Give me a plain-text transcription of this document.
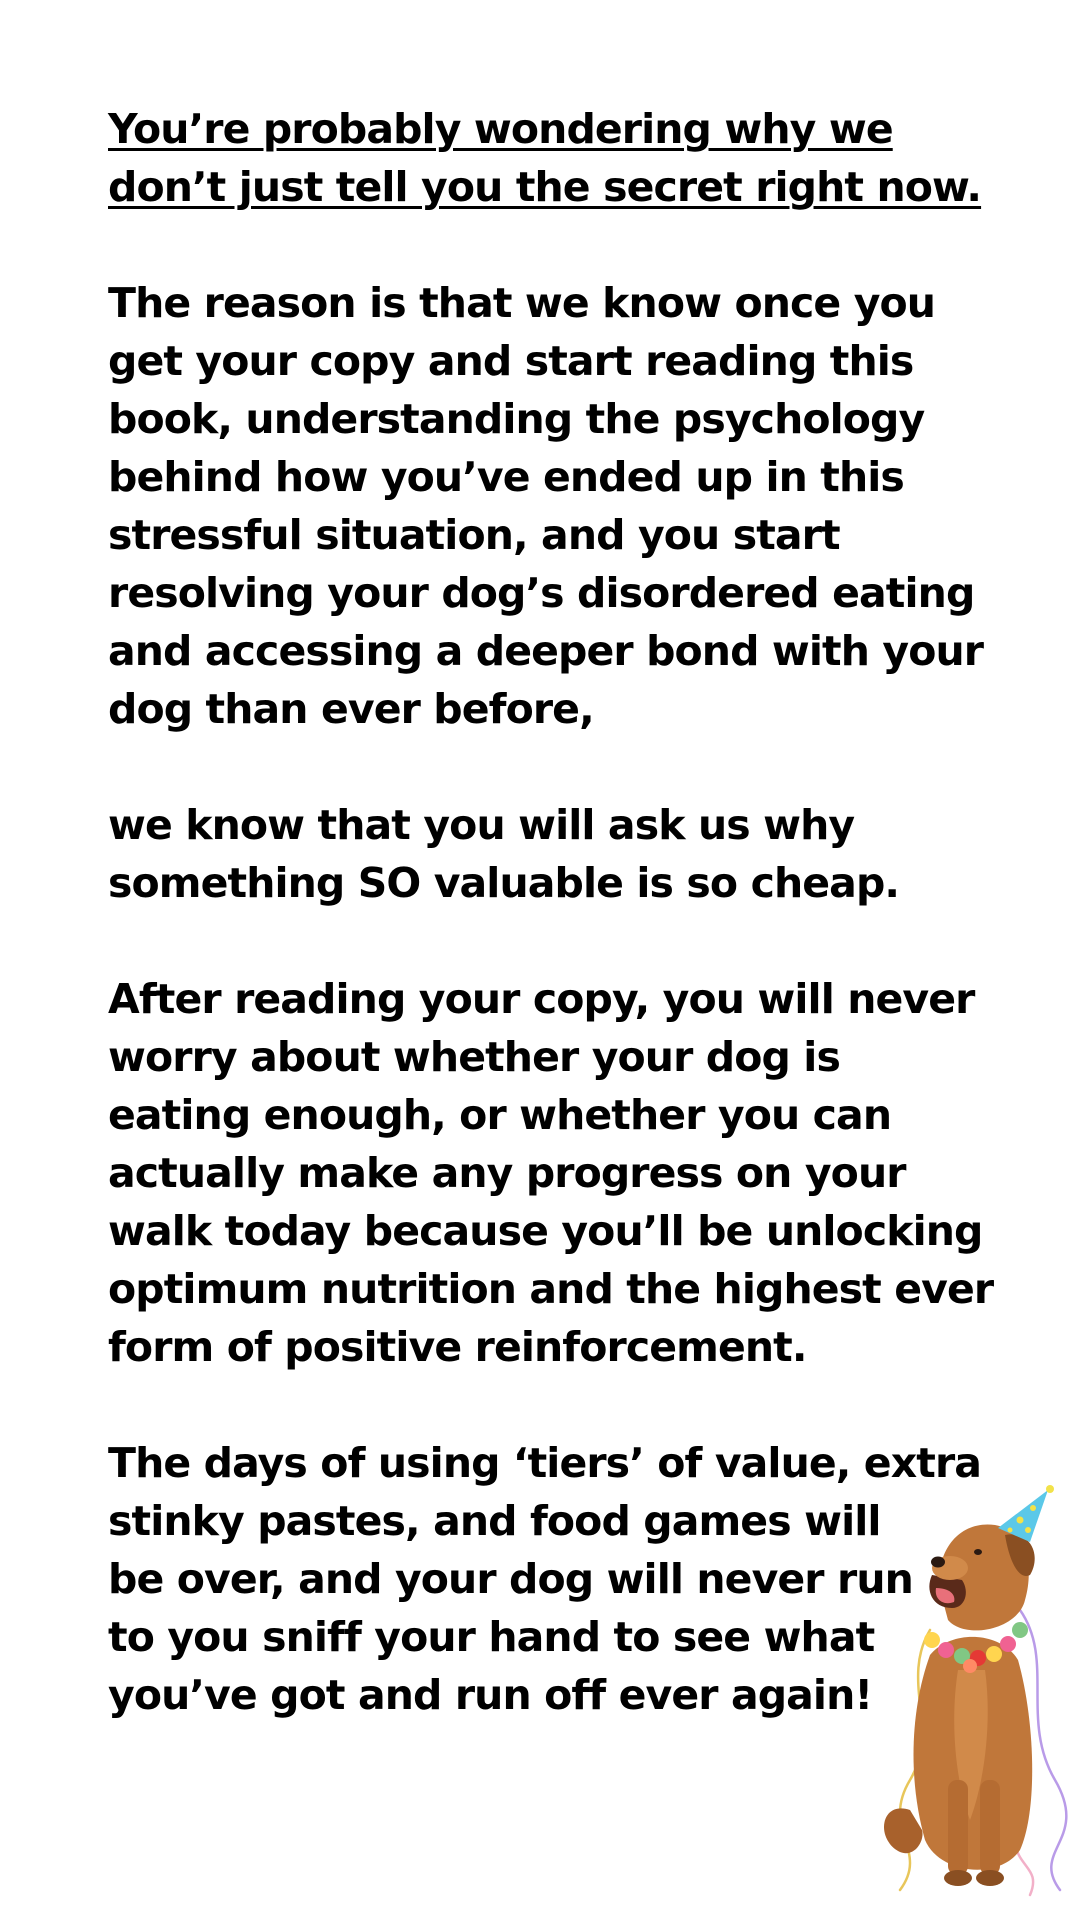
You’re probably wondering why we
don’t just tell you the secret right now.
The reason is that we know once you
get your copy and start reading this
book, understanding the psychology
behind how you’ve ended up in this
stressful situation, and you start
resolving your dog’s disordered eating
and accessing a deeper bond with your
dog than ever before,
we know that you will ask us why
something SO valuable is so cheap.
After reading your copy, you will never
worry about whether your dog is
eating enough, or whether you can
actually make any progress on your
walk today because you’ll be unlocking
optimum nutrition and the highest ever
form of positive reinforcement.
The days of using ‘tiers’ of value, extra
stinky pastes, and food games will
be over, and your dog will never run
to you sniff your hand to see what
you’ve got and run off ever again!
